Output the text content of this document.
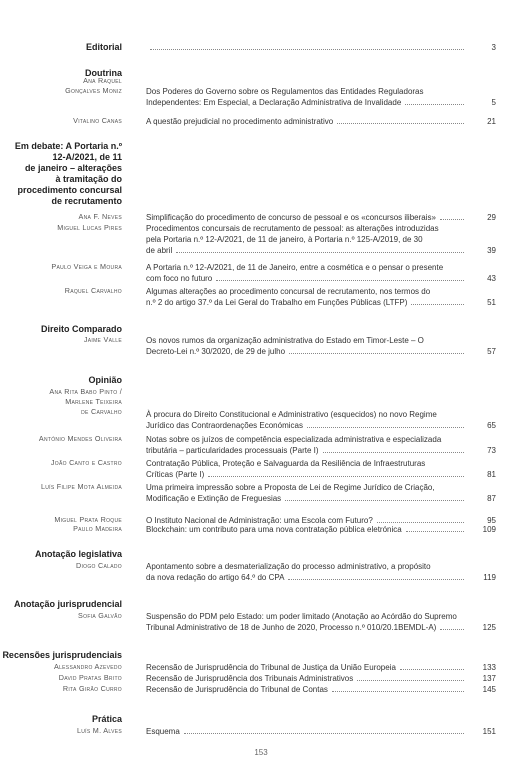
Editorial	3
Doutrina
Ana Raquel
Gonçalves Moniz	Dos Poderes do Governo sobre os Regulamentos das Entidades Reguladoras
Independentes: Em Especial, a Declaração Administrativa de Invalidade	5
Vitalino Canas	A questão prejudicial no procedimento administrativo	21
Em debate: A Portaria n.º
12-A/2021, de 11
de janeiro – alterações
à tramitação do
procedimento concursal
de recrutamento
Ana F. Neves	Simplificação do procedimento de concurso de pessoal e os «concursos iliberais»	29
Miguel Lucas Pires	Procedimentos concursais de recrutamento de pessoal: as alterações introduzidas
pela Portaria n.º 12-A/2021, de 11 de janeiro, à Portaria n.º 125-A/2019, de 30
de abril	39
Paulo Veiga e Moura	A Portaria n.º 12-A/2021, de 11 de Janeiro, entre a cosmética e o pensar o presente
com foco no futuro	43
Raquel Carvalho	Algumas alterações ao procedimento concursal de recrutamento, nos termos do
n.º 2 do artigo 37.º da Lei Geral do Trabalho em Funções Públicas (LTFP)	51
Direito Comparado
Jaime Valle	Os novos rumos da organização administrativa do Estado em Timor-Leste – O
Decreto-Lei n.º 30/2020, de 29 de julho	57
Opinião
Ana Rita Babo Pinto /
Marlene Teixeira
de Carvalho	À procura do Direito Constitucional e Administrativo (esquecidos) no novo Regime
Jurídico das Contraordenações Económicas	65
António Mendes Oliveira	Notas sobre os juízos de competência especializada administrativa e especializada
tributária – particularidades processuais (Parte I)	73
João Canto e Castro	Contratação Pública, Proteção e Salvaguarda da Resiliência de Infraestruturas
Críticas (Parte I)	81
Luís Filipe Mota Almeida	Uma primeira impressão sobre a Proposta de Lei de Regime Jurídico de Criação,
Modificação e Extinção de Freguesias	87
Miguel Prata Roque	O Instituto Nacional de Administração: uma Escola com Futuro?	95
Paulo Madeira	Blockchain: um contributo para uma nova contratação pública eletrónica	109
Anotação legislativa
Diogo Calado	Apontamento sobre a desmaterialização do processo administrativo, a propósito
da nova redação do artigo 64.º do CPA	119
Anotação jurisprudencial
Sofia Galvão	Suspensão do PDM pelo Estado: um poder limitado (Anotação ao Acórdão do Supremo
Tribunal Administrativo de 18 de Junho de 2020, Processo n.º 010/20.1BEMDL-A)	125
Recensões jurisprudenciais
Alessandro Azevedo	Recensão de Jurisprudência do Tribunal de Justiça da União Europeia	133
David Pratas Brito	Recensão de Jurisprudência dos Tribunais Administrativos	137
Rita Girão Curro	Recensão de Jurisprudência do Tribunal de Contas	145
Prática
Luís M. Alves	Esquema	151
153
